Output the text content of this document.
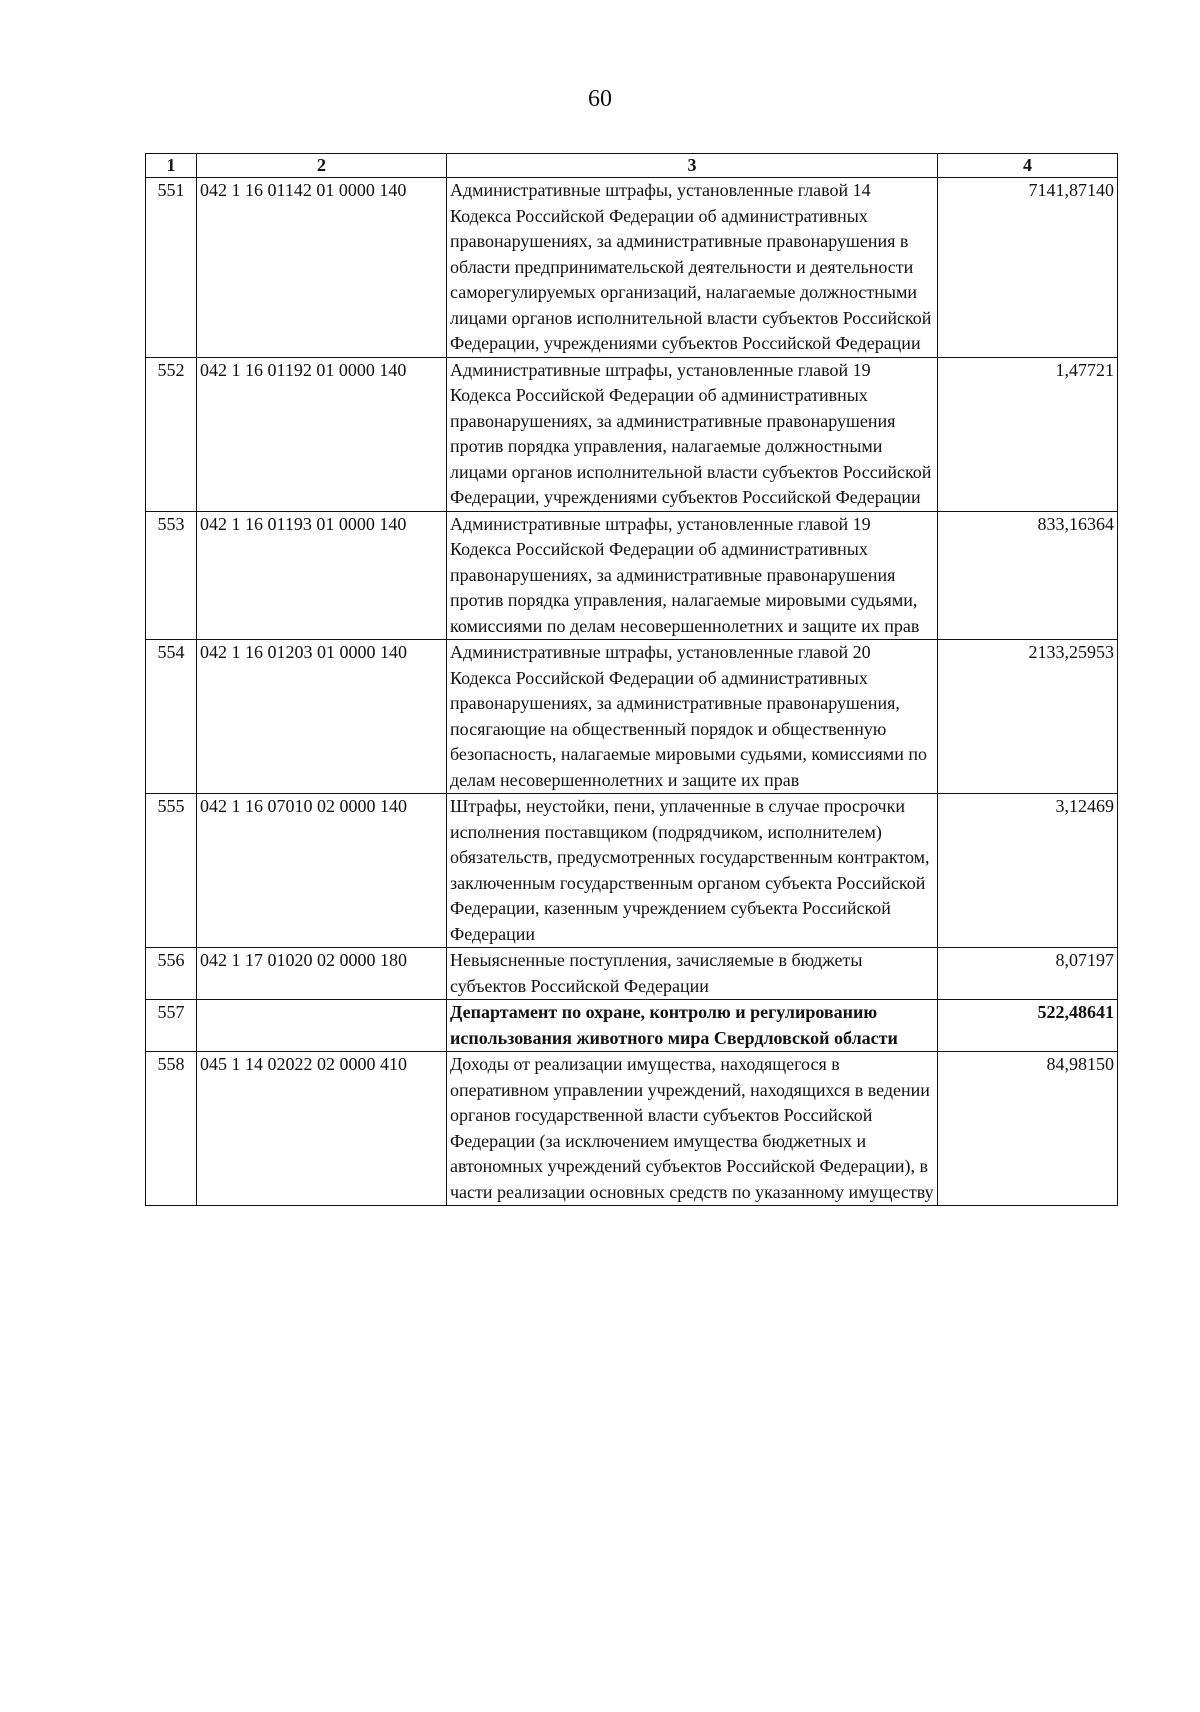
60
1	2	3	4
551	042 1 16 01142 01 0000 140	Административные штрафы, установленные главой 14 Кодекса Российской Федерации об административных правонарушениях, за административные правонарушения в области предпринимательской деятельности и деятельности саморегулируемых организаций, налагаемые должностными лицами органов исполнительной власти субъектов Российской Федерации, учреждениями субъектов Российской Федерации	7141,87140
552	042 1 16 01192 01 0000 140	Административные штрафы, установленные главой 19 Кодекса Российской Федерации об административных правонарушениях, за административные правонарушения против порядка управления, налагаемые должностными лицами органов исполнительной власти субъектов Российской Федерации, учреждениями субъектов Российской Федерации	1,47721
553	042 1 16 01193 01 0000 140	Административные штрафы, установленные главой 19 Кодекса Российской Федерации об административных правонарушениях, за административные правонарушения против порядка управления, налагаемые мировыми судьями, комиссиями по делам несовершеннолетних и защите их прав	833,16364
554	042 1 16 01203 01 0000 140	Административные штрафы, установленные главой 20 Кодекса Российской Федерации об административных правонарушениях, за административные правонарушения, посягающие на общественный порядок и общественную безопасность, налагаемые мировыми судьями, комиссиями по делам несовершеннолетних и защите их прав	2133,25953
555	042 1 16 07010 02 0000 140	Штрафы, неустойки, пени, уплаченные в случае просрочки исполнения поставщиком (подрядчиком, исполнителем) обязательств, предусмотренных государственным контрактом, заключенным государственным органом субъекта Российской Федерации, казенным учреждением субъекта Российской Федерации	3,12469
556	042 1 17 01020 02 0000 180	Невыясненные поступления, зачисляемые в бюджеты субъектов Российской Федерации	8,07197
557		Департамент по охране, контролю и регулированию использования животного мира Свердловской области	522,48641
558	045 1 14 02022 02 0000 410	Доходы от реализации имущества, находящегося в оперативном управлении учреждений, находящихся в ведении органов государственной власти субъектов Российской Федерации (за исключением имущества бюджетных и автономных учреждений субъектов Российской Федерации), в части реализации основных средств по указанному имуществу	84,98150
